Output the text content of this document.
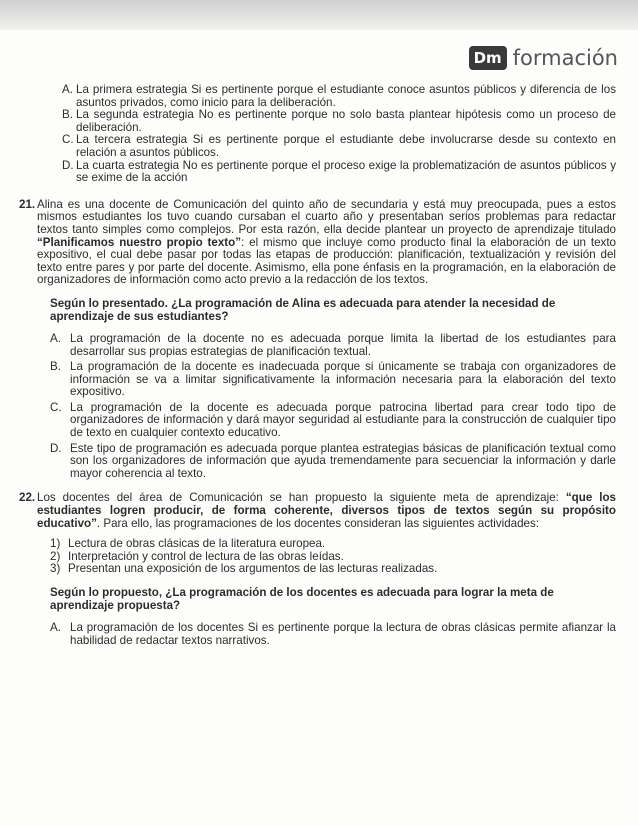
Dm formación
A. La primera estrategia Si es pertinente porque el estudiante conoce asuntos públicos y diferencia de los asuntos privados, como inicio para la deliberación.
B. La segunda estrategia No es pertinente porque no solo basta plantear hipótesis como un proceso de deliberación.
C. La tercera estrategia Si es pertinente porque el estudiante debe involucrarse desde su contexto en relación a asuntos públicos.
D. La cuarta estrategia No es pertinente porque el proceso exige la problematización de asuntos públicos y se exime de la acción
21. Alina es una docente de Comunicación del quinto año de secundaria y está muy preocupada, pues a estos mismos estudiantes los tuvo cuando cursaban el cuarto año y presentaban serios problemas para redactar textos tanto simples como complejos. Por esta razón, ella decide plantear un proyecto de aprendizaje titulado “Planificamos nuestro propio texto”: el mismo que incluye como producto final la elaboración de un texto expositivo, el cual debe pasar por todas las etapas de producción: planificación, textualización y revisión del texto entre pares y por parte del docente. Asimismo, ella pone énfasis en la programación, en la elaboración de organizadores de información como acto previo a la redacción de los textos.
Según lo presentado. ¿La programación de Alina es adecuada para atender la necesidad de aprendizaje de sus estudiantes?
A. La programación de la docente no es adecuada porque limita la libertad de los estudiantes para desarrollar sus propias estrategias de planificación textual.
B. La programación de la docente es inadecuada porque si únicamente se trabaja con organizadores de información se va a limitar significativamente la información necesaria para la elaboración del texto expositivo.
C. La programación de la docente es adecuada porque patrocina libertad para crear todo tipo de organizadores de información y dará mayor seguridad al estudiante para la construcción de cualquier tipo de texto en cualquier contexto educativo.
D. Este tipo de programación es adecuada porque plantea estrategias básicas de planificación textual como son los organizadores de información que ayuda tremendamente para secuenciar la información y darle mayor coherencia al texto.
22. Los docentes del área de Comunicación se han propuesto la siguiente meta de aprendizaje: “que los estudiantes logren producir, de forma coherente, diversos tipos de textos según su propósito educativo”. Para ello, las programaciones de los docentes consideran las siguientes actividades:
1) Lectura de obras clásicas de la literatura europea.
2) Interpretación y control de lectura de las obras leídas.
3) Presentan una exposición de los argumentos de las lecturas realizadas.
Según lo propuesto, ¿La programación de los docentes es adecuada para lograr la meta de aprendizaje propuesta?
A. La programación de los docentes Si es pertinente porque la lectura de obras clásicas permite afianzar la habilidad de redactar textos narrativos.
